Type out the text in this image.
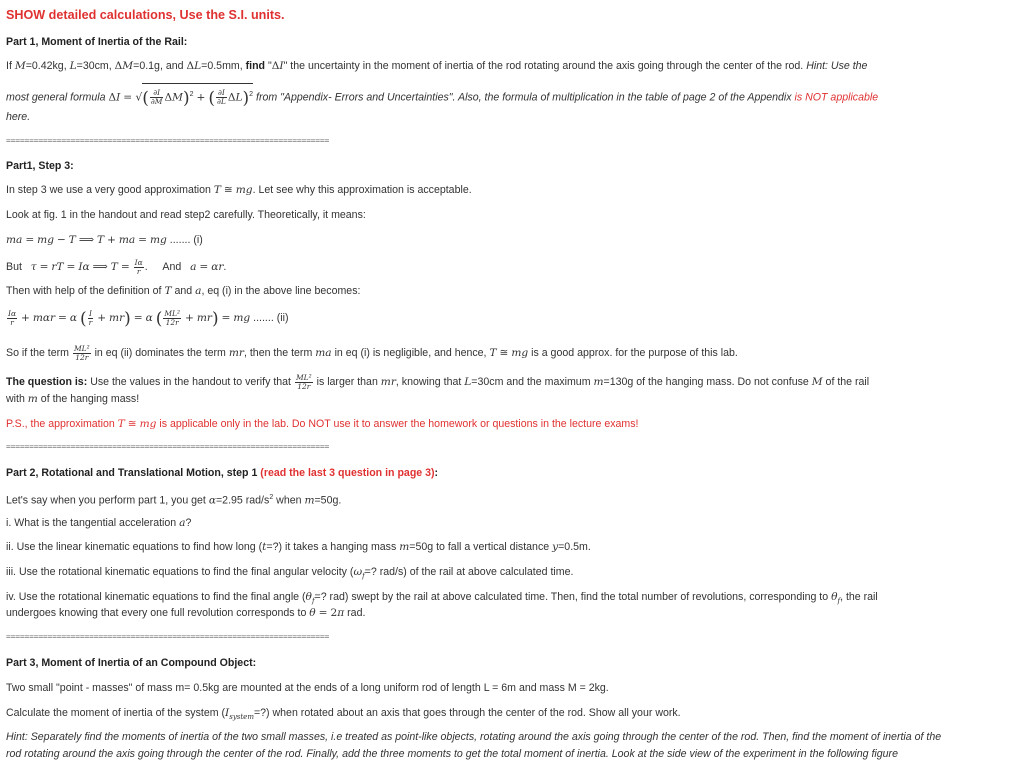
SHOW detailed calculations, Use the S.I. units.
Part 1, Moment of Inertia of the Rail:
If M=0.42kg, L=30cm, ΔM=0.1g, and ΔL=0.5mm, find "ΔI" the uncertainty in the moment of inertia of the rod rotating around the axis going through the center of the rod. Hint: Use the
most general formula ΔI = √( $\frac{\partial I}{\partial M} \Delta M)^2$ + ( $\frac{\partial I}{\partial L} \Delta L)^2$ from "Appendix- Errors and Uncertainties". Also, the formula of multiplication in the table of page 2 of the Appendix is NOT applicable
here.
======================================================================
Part1, Step 3:
In step 3 we use a very good approximation T ≅ mg. Let see why this approximation is acceptable.
Look at fig. 1 in the handout and read step2 carefully. Theoretically, it means:
ma = mg − T ⟹ T + ma = mg ....... (i)
But τ = rT = Iα ⟹ $T = \frac{I\alpha}{r}$ .     And a = αr.
Then with help of the definition of T and a, eq (i) in the above line becomes:
$\frac{I\alpha}{r} + m\alpha r = \alpha$ ( $\frac{I}{r} + mr) = \alpha$ ( $\frac{\text{ML²}}{12r} + mr$) = mg ....... (ii)
So if the term $\frac{\text{ML²}}{12r}$ in eq (ii) dominates the term mr, then the term ma in eq (i) is negligible, and hence, T ≅ mg is a good approx. for the purpose of this lab.
The question is: Use the values in the handout to verify that $\frac{\text{ML²}}{12r}$ is larger than mr, knowing that L=30cm and the maximum m=130g of the hanging mass. Do not confuse M of the rail
with m of the hanging mass!
P.S., the approximation T ≅ mg is applicable only in the lab. Do NOT use it to answer the homework or questions in the lecture exams!
======================================================================
Part 2, Rotational and Translational Motion, step 1 (read the last 3 question in page 3):
Let's say when you perform part 1, you get α=2.95 rad/$s^2$ when m=50g.
i. What is the tangential acceleration a?
ii. Use the linear kinematic equations to find how long (t=?) it takes a hanging mass m=50g to fall a vertical distance y=0.5m.
iii. Use the rotational kinematic equations to find the final angular velocity ($\omega_f=$? rad/s) of the rail at above calculated time.
iv. Use the rotational kinematic equations to find the final angle ($\theta_f=$? rad) swept by the rail at above calculated time. Then, find the total number of revolutions, corresponding to $\theta_f$, the rail
undergoes knowing that every one full revolution corresponds to θ = 2π rad.
======================================================================
Part 3, Moment of Inertia of an Compound Object:
Two small "point - masses" of mass m= 0.5kg are mounted at the ends of a long uniform rod of length L = 6m and mass M = 2kg.
Calculate the moment of inertia of the system $(I_{system}=?)$ when rotated about an axis that goes through the center of the rod. Show all your work.
Hint: Separately find the moments of inertia of the two small masses, i.e treated as point-like objects, rotating around the axis going through the center of the rod. Then, find the moment of inertia of the
rod rotating around the axis going through the center of the rod. Finally, add the three moments to get the total moment of inertia. Look at the side view of the experiment in the following figure
